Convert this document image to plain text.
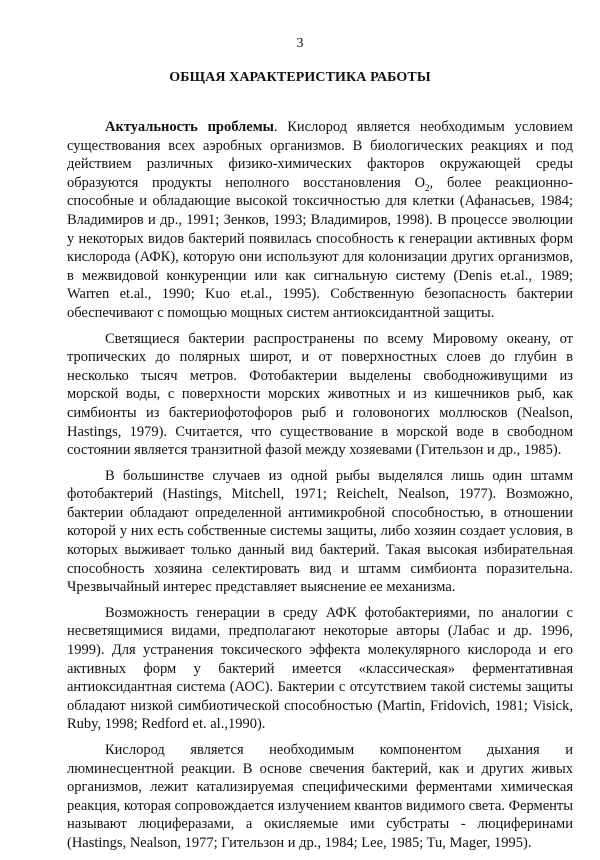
3
ОБЩАЯ ХАРАКТЕРИСТИКА РАБОТЫ

Актуальность проблемы. Кислород является необходимым условием существования всех аэробных организмов. В биологических реакциях и под действием различных физико-химических факторов окружающей среды образуются продукты неполного восстановления $O_2$, более реакционно-способные и обладающие высокой токсичностью для клетки (Афанасьев, 1984; Владимиров и др., 1991; Зенков, 1993; Владимиров, 1998). В процессе эволюции у некоторых видов бактерий появилась способность к генерации активных форм кислорода (АФК), которую они используют для колонизации других организмов, в межвидовой конкуренции или как сигнальную систему (Denis et.al., 1989; Warren et.al., 1990; Kuo et.al., 1995). Собственную безопасность бактерии обеспечивают с помощью мощных систем антиоксидантной защиты.

Светящиеся бактерии распространены по всему Мировому океану, от тропических до полярных широт, и от поверхностных слоев до глубин в несколько тысяч метров. Фотобактерии выделены свободноживущими из морской воды, с поверхности морских животных и из кишечников рыб, как симбионты из бактериофотофоров рыб и головоногих моллюсков (Nealson, Hastings, 1979). Считается, что существование в морской воде в свободном состоянии является транзитной фазой между хозяевами (Гительзон и др., 1985).

В большинстве случаев из одной рыбы выделялся лишь один штамм фотобактерий (Hastings, Mitchell, 1971; Reichelt, Nealson, 1977). Возможно, бактерии обладают определенной антимикробной способностью, в отношении которой у них есть собственные системы защиты, либо хозяин создает условия, в которых выживает только данный вид бактерий. Такая высокая избирательная способность хозяина селектировать вид и штамм симбионта поразительна. Чрезвычайный интерес представляет выяснение ее механизма.

Возможность генерации в среду АФК фотобактериями, по аналогии с несветящимися видами, предполагают некоторые авторы (Лабас и др. 1996, 1999). Для устранения токсического эффекта молекулярного кислорода и его активных форм у бактерий имеется «классическая» ферментативная антиоксидантная система (АОС). Бактерии с отсутствием такой системы защиты обладают низкой симбиотической способностью (Martin, Fridovich, 1981; Visick, Ruby, 1998; Redford et. al.,1990).

Кислород является необходимым компонентом дыхания и люминесцентной реакции. В основе свечения бактерий, как и других живых организмов, лежит катализируемая специфическими ферментами химическая реакция, которая сопровождается излучением квантов видимого света. Ферменты называют люциферазами, а окисляемые ими субстраты - люциферинами (Hastings, Nealson, 1977; Гительзон и др., 1984; Lee, 1985; Tu, Mager, 1995).
